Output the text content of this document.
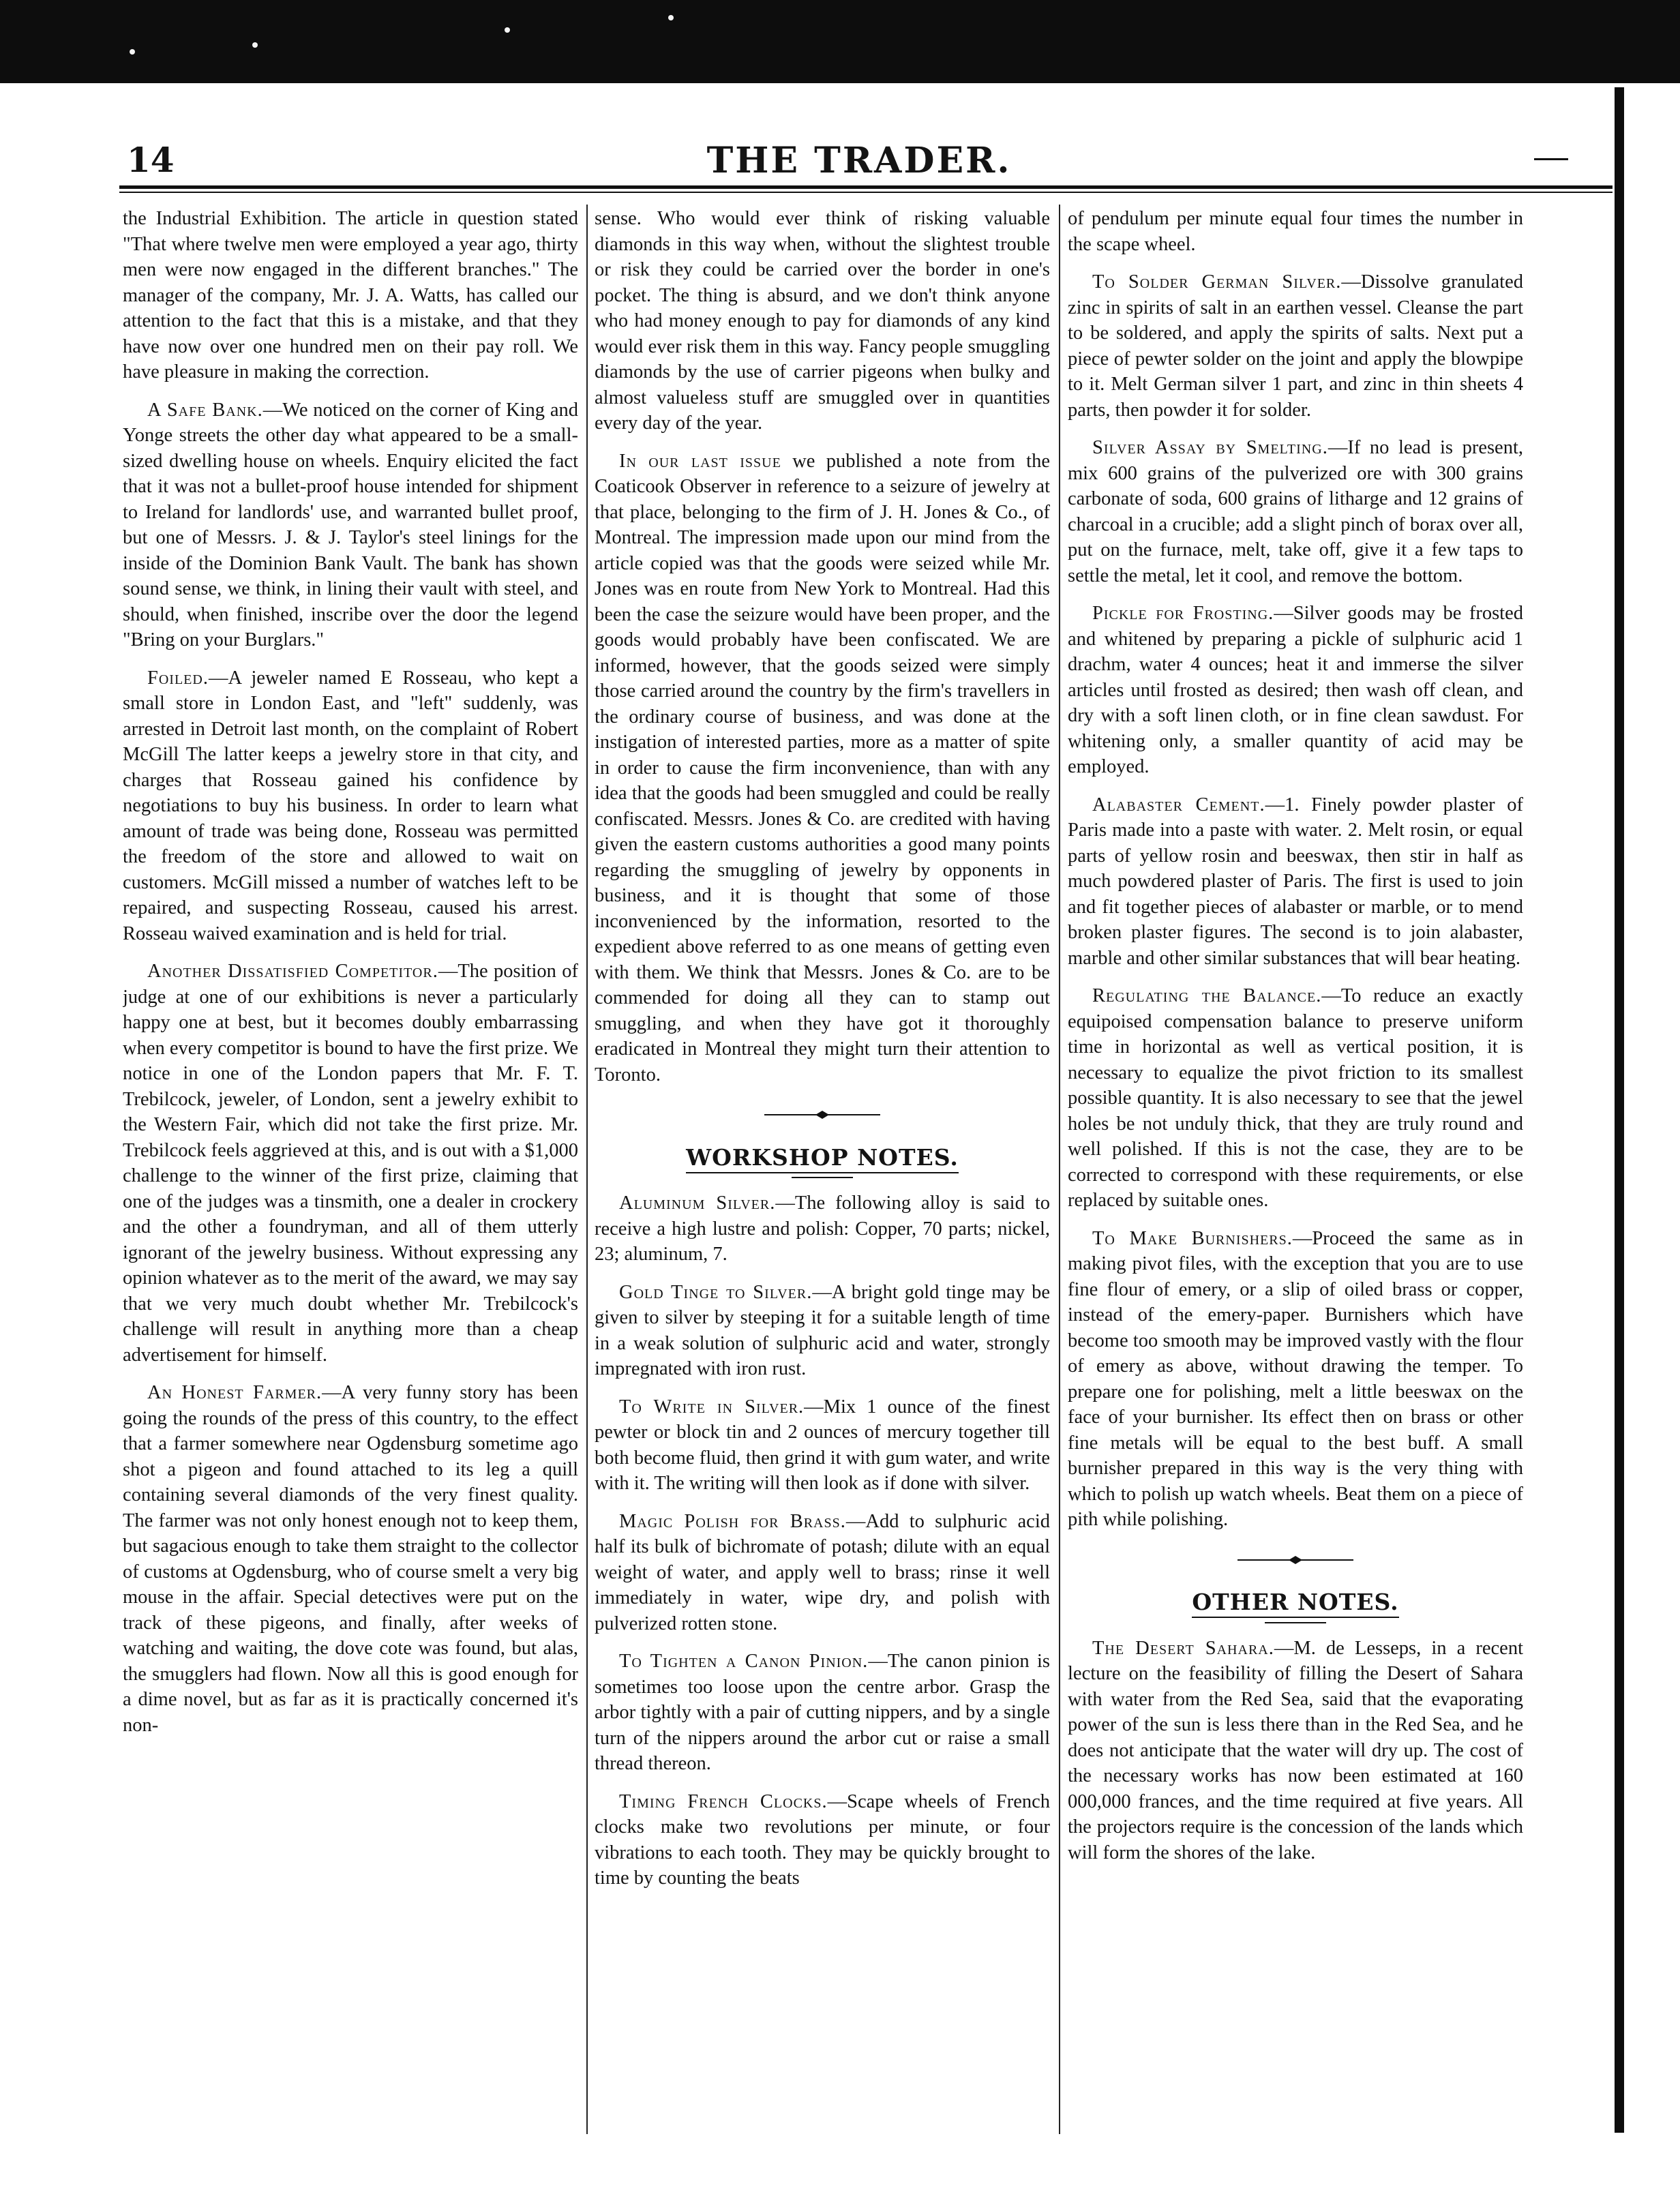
14	THE TRADER.

the Industrial Exhibition. The article in question stated "That where twelve men were employed a year ago, thirty men were now engaged in the different branches." The manager of the company, Mr. J. A. Watts, has called our attention to the fact that this is a mistake, and that they have now over one hundred men on their pay roll. We have pleasure in making the correction.

A Safe Bank.—We noticed on the corner of King and Yonge streets the other day what appeared to be a small-sized dwelling house on wheels. Enquiry elicited the fact that it was not a bullet-proof house intended for shipment to Ireland for landlords' use, and warranted bullet proof, but one of Messrs. J. & J. Taylor's steel linings for the inside of the Dominion Bank Vault. The bank has shown sound sense, we think, in lining their vault with steel, and should, when finished, inscribe over the door the legend "Bring on your Burglars."

Foiled.—A jeweler named E Rosseau, who kept a small store in London East, and "left" suddenly, was arrested in Detroit last month, on the complaint of Robert McGill The latter keeps a jewelry store in that city, and charges that Rosseau gained his confidence by negotiations to buy his business. In order to learn what amount of trade was being done, Rosseau was permitted the freedom of the store and allowed to wait on customers. McGill missed a number of watches left to be repaired, and suspecting Rosseau, caused his arrest. Rosseau waived examination and is held for trial.

Another Dissatisfied Competitor.—The position of judge at one of our exhibitions is never a particularly happy one at best, but it becomes doubly embarrassing when every competitor is bound to have the first prize. We notice in one of the London papers that Mr. F. T. Trebilcock, jeweler, of London, sent a jewelry exhibit to the Western Fair, which did not take the first prize. Mr. Trebilcock feels aggrieved at this, and is out with a $1,000 challenge to the winner of the first prize, claiming that one of the judges was a tinsmith, one a dealer in crockery and the other a foundryman, and all of them utterly ignorant of the jewelry business. Without expressing any opinion whatever as to the merit of the award, we may say that we very much doubt whether Mr. Trebilcock's challenge will result in anything more than a cheap advertisement for himself.

An Honest Farmer.—A very funny story has been going the rounds of the press of this country, to the effect that a farmer somewhere near Ogdensburg sometime ago shot a pigeon and found attached to its leg a quill containing several diamonds of the very finest quality. The farmer was not only honest enough not to keep them, but sagacious enough to take them straight to the collector of customs at Ogdensburg, who of course smelt a very big mouse in the affair. Special detectives were put on the track of these pigeons, and finally, after weeks of watching and waiting, the dove cote was found, but alas, the smugglers had flown. Now all this is good enough for a dime novel, but as far as it is practically concerned it's non-

sense. Who would ever think of risking valuable diamonds in this way when, without the slightest trouble or risk they could be carried over the border in one's pocket. The thing is absurd, and we don't think anyone who had money enough to pay for diamonds of any kind would ever risk them in this way. Fancy people smuggling diamonds by the use of carrier pigeons when bulky and almost valueless stuff are smuggled over in quantities every day of the year.

In our last issue we published a note from the Coaticook Observer in reference to a seizure of jewelry at that place, belonging to the firm of J. H. Jones & Co., of Montreal. The impression made upon our mind from the article copied was that the goods were seized while Mr. Jones was en route from New York to Montreal. Had this been the case the seizure would have been proper, and the goods would probably have been confiscated. We are informed, however, that the goods seized were simply those carried around the country by the firm's travellers in the ordinary course of business, and was done at the instigation of interested parties, more as a matter of spite in order to cause the firm inconvenience, than with any idea that the goods had been smuggled and could be really confiscated. Messrs. Jones & Co. are credited with having given the eastern customs authorities a good many points regarding the smuggling of jewelry by opponents in business, and it is thought that some of those inconvenienced by the information, resorted to the expedient above referred to as one means of getting even with them. We think that Messrs. Jones & Co. are to be commended for doing all they can to stamp out smuggling, and when they have got it thoroughly eradicated in Montreal they might turn their attention to Toronto.

WORKSHOP NOTES.

Aluminum Silver.—The following alloy is said to receive a high lustre and polish: Copper, 70 parts; nickel, 23; aluminum, 7.

Gold Tinge to Silver.—A bright gold tinge may be given to silver by steeping it for a suitable length of time in a weak solution of sulphuric acid and water, strongly impregnated with iron rust.

To Write in Silver.—Mix 1 ounce of the finest pewter or block tin and 2 ounces of mercury together till both become fluid, then grind it with gum water, and write with it. The writing will then look as if done with silver.

Magic Polish for Brass.—Add to sulphuric acid half its bulk of bichromate of potash; dilute with an equal weight of water, and apply well to brass; rinse it well immediately in water, wipe dry, and polish with pulverized rotten stone.

To Tighten a Canon Pinion.—The canon pinion is sometimes too loose upon the centre arbor. Grasp the arbor tightly with a pair of cutting nippers, and by a single turn of the nippers around the arbor cut or raise a small thread thereon.

Timing French Clocks.—Scape wheels of French clocks make two revolutions per minute, or four vibrations to each tooth. They may be quickly brought to time by counting the beats

of pendulum per minute equal four times the number in the scape wheel.

To Solder German Silver.—Dissolve granulated zinc in spirits of salt in an earthen vessel. Cleanse the part to be soldered, and apply the spirits of salts. Next put a piece of pewter solder on the joint and apply the blowpipe to it. Melt German silver 1 part, and zinc in thin sheets 4 parts, then powder it for solder.

Silver Assay by Smelting.—If no lead is present, mix 600 grains of the pulverized ore with 300 grains carbonate of soda, 600 grains of litharge and 12 grains of charcoal in a crucible; add a slight pinch of borax over all, put on the furnace, melt, take off, give it a few taps to settle the metal, let it cool, and remove the bottom.

Pickle for Frosting.—Silver goods may be frosted and whitened by preparing a pickle of sulphuric acid 1 drachm, water 4 ounces; heat it and immerse the silver articles until frosted as desired; then wash off clean, and dry with a soft linen cloth, or in fine clean sawdust. For whitening only, a smaller quantity of acid may be employed.

Alabaster Cement.—1. Finely powder plaster of Paris made into a paste with water. 2. Melt rosin, or equal parts of yellow rosin and beeswax, then stir in half as much powdered plaster of Paris. The first is used to join and fit together pieces of alabaster or marble, or to mend broken plaster figures. The second is to join alabaster, marble and other similar substances that will bear heating.

Regulating the Balance.—To reduce an exactly equipoised compensation balance to preserve uniform time in horizontal as well as vertical position, it is necessary to equalize the pivot friction to its smallest possible quantity. It is also necessary to see that the jewel holes be not unduly thick, that they are truly round and well polished. If this is not the case, they are to be corrected to correspond with these requirements, or else replaced by suitable ones.

To Make Burnishers.—Proceed the same as in making pivot files, with the exception that you are to use fine flour of emery, or a slip of oiled brass or copper, instead of the emery-paper. Burnishers which have become too smooth may be improved vastly with the flour of emery as above, without drawing the temper. To prepare one for polishing, melt a little beeswax on the face of your burnisher. Its effect then on brass or other fine metals will be equal to the best buff. A small burnisher prepared in this way is the very thing with which to polish up watch wheels. Beat them on a piece of pith while polishing.

OTHER NOTES.

The Desert Sahara.—M. de Lesseps, in a recent lecture on the feasibility of filling the Desert of Sahara with water from the Red Sea, said that the evaporating power of the sun is less there than in the Red Sea, and he does not anticipate that the water will dry up. The cost of the necessary works has now been estimated at 160 000,000 frances, and the time required at five years. All the projectors require is the concession of the lands which will form the shores of the lake.
